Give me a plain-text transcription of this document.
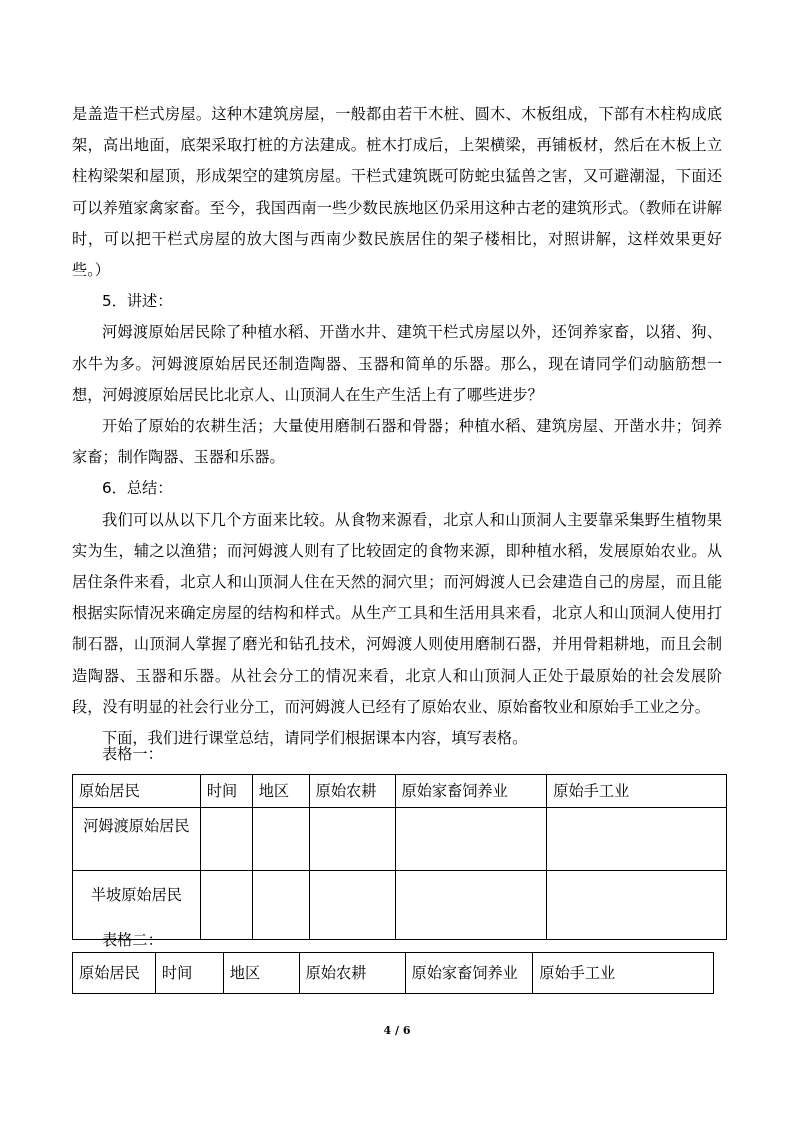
是盖造干栏式房屋。这种木建筑房屋，一般都由若干木桩、圆木、木板组成，下部有木柱构成底架，高出地面，底架采取打桩的方法建成。桩木打成后，上架横梁，再铺板材，然后在木板上立柱构梁架和屋顶，形成架空的建筑房屋。干栏式建筑既可防蛇虫猛兽之害，又可避潮湿，下面还可以养殖家禽家畜。至今，我国西南一些少数民族地区仍采用这种古老的建筑形式。（教师在讲解时，可以把干栏式房屋的放大图与西南少数民族居住的架子楼相比，对照讲解，这样效果更好些。）

5．讲述：

河姆渡原始居民除了种植水稻、开凿水井、建筑干栏式房屋以外，还饲养家畜，以猪、狗、水牛为多。河姆渡原始居民还制造陶器、玉器和简单的乐器。那么，现在请同学们动脑筋想一想，河姆渡原始居民比北京人、山顶洞人在生产生活上有了哪些进步？

开始了原始的农耕生活；大量使用磨制石器和骨器；种植水稻、建筑房屋、开凿水井；饲养家畜；制作陶器、玉器和乐器。

6．总结：

我们可以从以下几个方面来比较。从食物来源看，北京人和山顶洞人主要靠采集野生植物果实为生，辅之以渔猎；而河姆渡人则有了比较固定的食物来源，即种植水稻，发展原始农业。从居住条件来看，北京人和山顶洞人住在天然的洞穴里；而河姆渡人已会建造自己的房屋，而且能根据实际情况来确定房屋的结构和样式。从生产工具和生活用具来看，北京人和山顶洞人使用打制石器，山顶洞人掌握了磨光和钻孔技术，河姆渡人则使用磨制石器，并用骨耜耕地，而且会制造陶器、玉器和乐器。从社会分工的情况来看，北京人和山顶洞人正处于最原始的社会发展阶段，没有明显的社会行业分工，而河姆渡人已经有了原始农业、原始畜牧业和原始手工业之分。

下面，我们进行课堂总结，请同学们根据课本内容，填写表格。

表格一：
原始居民	时间	地区	原始农耕	原始家畜饲养业	原始手工业
河姆渡原始居民					
半坡原始居民					
表格二：
原始居民	时间	地区	原始农耕	原始家畜饲养业	原始手工业
4 / 6
